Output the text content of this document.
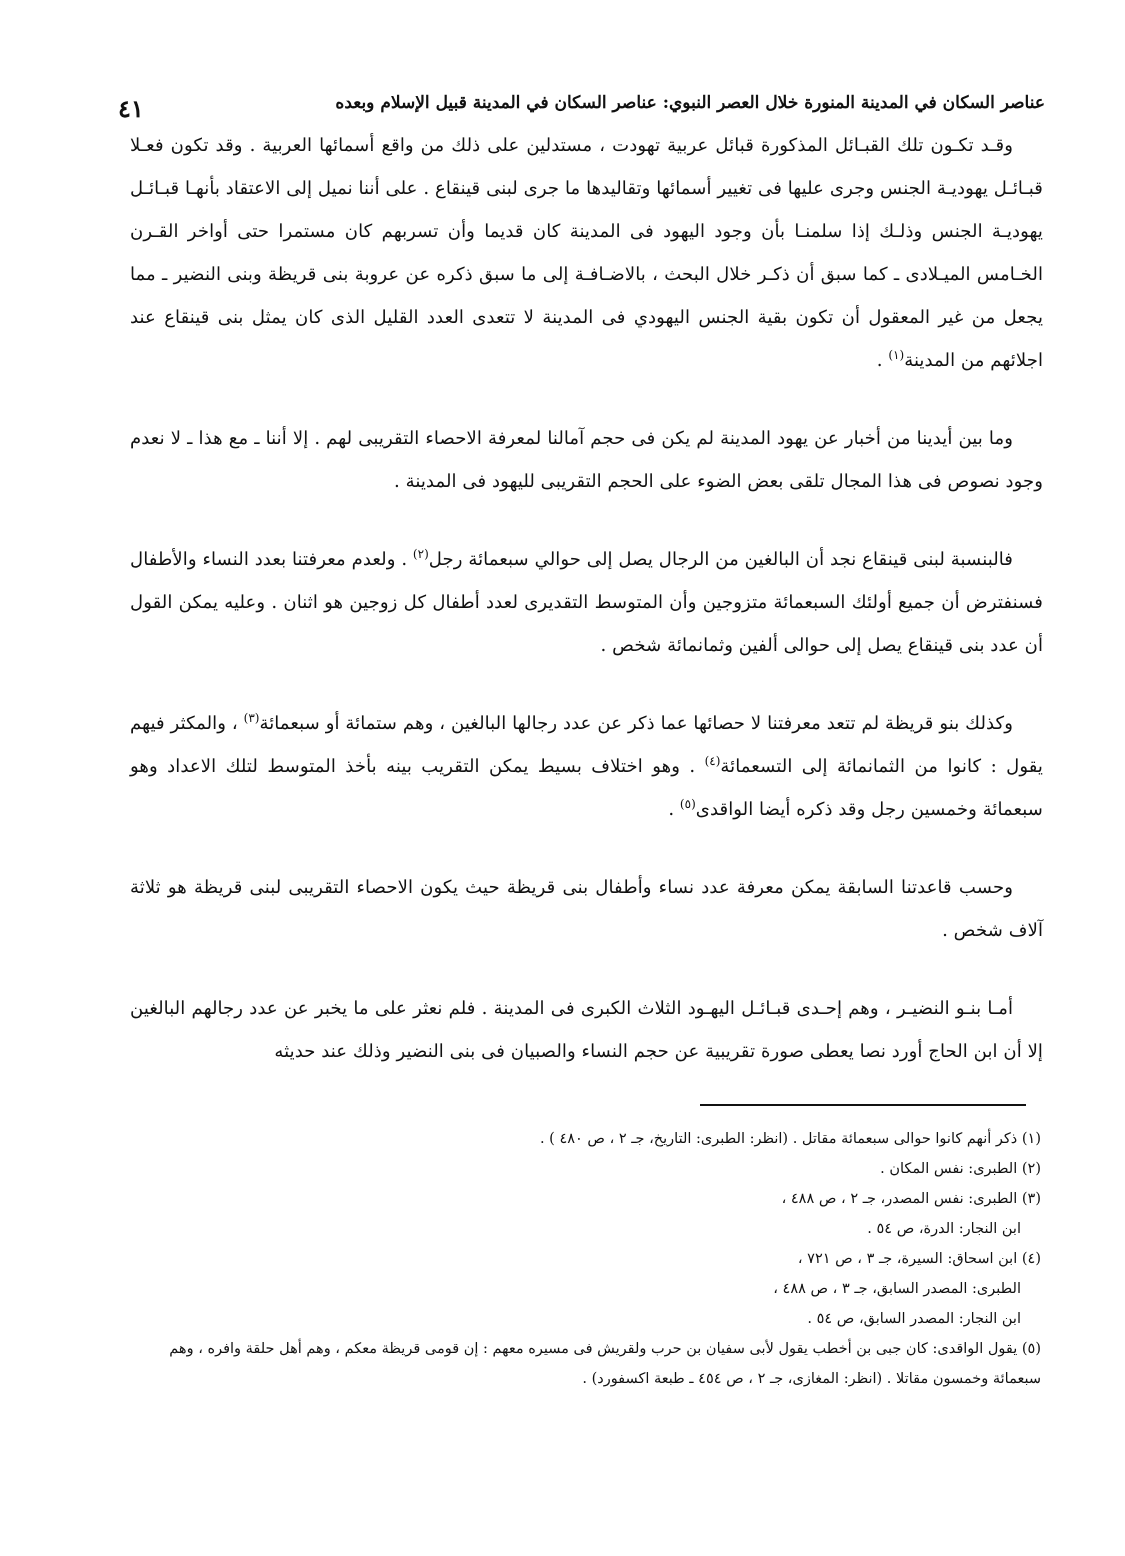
٤١	عناصر السكان في المدينة المنورة خلال العصر النبوي: عناصر السكان في المدينة قبيل الإسلام وبعده

وقـد تكـون تلك القبـائل المذكورة قبائل عربية تهودت ، مستدلين على ذلك من واقع أسمائها العربية . وقد تكون فعـلا قبـائـل يهوديـة الجنس وجرى عليها فى تغيير أسمائها وتقاليدها ما جرى لبنى قينقاع . على أننا نميل إلى الاعتقاد بأنهـا قبـائـل يهوديـة الجنس وذلـك إذا سلمنـا بأن وجود اليهود فى المدينة كان قديما وأن تسربهم كان مستمرا حتى أواخر القـرن الخـامس الميـلادى ـ كما سبق أن ذكـر خلال البحث ، بالاضـافـة إلى ما سبق ذكره عن عروبة بنى قريظة وبنى النضير ـ مما يجعل من غير المعقول أن تكون بقية الجنس اليهودي فى المدينة لا تتعدى العدد القليل الذى كان يمثل بنى قينقاع عند اجلائهم من المدينة$^{(١)}$ .

وما بين أيدينا من أخبار عن يهود المدينة لم يكن فى حجم آمالنا لمعرفة الاحصاء التقريبى لهم . إلا أننا ـ مع هذا ـ لا نعدم وجود نصوص فى هذا المجال تلقى بعض الضوء على الحجم التقريبى لليهود فى المدينة .

فالبنسبة لبنى قينقاع نجد أن البالغين من الرجال يصل إلى حوالي سبعمائة رجل$^{(٢)}$ . ولعدم معرفتنا بعدد النساء والأطفال فسنفترض أن جميع أولئك السبعمائة متزوجين وأن المتوسط التقديرى لعدد أطفال كل زوجين هو اثنان . وعليه يمكن القول أن عدد بنى قينقاع يصل إلى حوالى ألفين وثمانمائة شخص .

وكذلك بنو قريظة لم تتعد معرفتنا لا حصائها عما ذكر عن عدد رجالها البالغين ، وهم ستمائة أو سبعمائة$^{(٣)}$ ، والمكثر فيهم يقول : كانوا من الثمانمائة إلى التسعمائة$^{(٤)}$ . وهو اختلاف بسيط يمكن التقريب بينه بأخذ المتوسط لتلك الاعداد وهو سبعمائة وخمسين رجل وقد ذكره أيضا الواقدى$^{(٥)}$ .

وحسب قاعدتنا السابقة يمكن معرفة عدد نساء وأطفال بنى قريظة حيث يكون الاحصاء التقريبى لبنى قريظة هو ثلاثة آلاف شخص .

أمـا بنـو النضيـر ، وهم إحـدى قبـائـل اليهـود الثلاث الكبرى فى المدينة . فلم نعثر على ما يخبر عن عدد رجالهم البالغين إلا أن ابن الحاج أورد نصا يعطى صورة تقريبية عن حجم النساء والصبيان فى بنى النضير وذلك عند حديثه

(١) ذكر أنهم كانوا حوالى سبعمائة مقاتل . (انظر: الطبرى: التاريخ، جـ ٢ ، ص ٤٨٠ ) .

(٢) الطبرى: نفس المكان .

(٣) الطبرى: نفس المصدر، جـ ٢ ، ص ٤٨٨ ،

ابن النجار: الدرة، ص ٥٤ .

(٤) ابن اسحاق: السيرة، جـ ٣ ، ص ٧٢١ ،

الطبرى: المصدر السابق، جـ ٣ ، ص ٤٨٨ ،

ابن النجار: المصدر السابق، ص ٥٤ .

(٥) يقول الواقدى: كان جبى بن أخطب يقول لأبى سفيان بن حرب ولقريش فى مسيره معهم : إن قومى قريظة معكم ، وهم أهل حلقة وافره ، وهم سبعمائة وخمسون مقاتلا . (انظر: المغازى، جـ ٢ ، ص ٤٥٤ ـ طبعة اكسفورد) .
